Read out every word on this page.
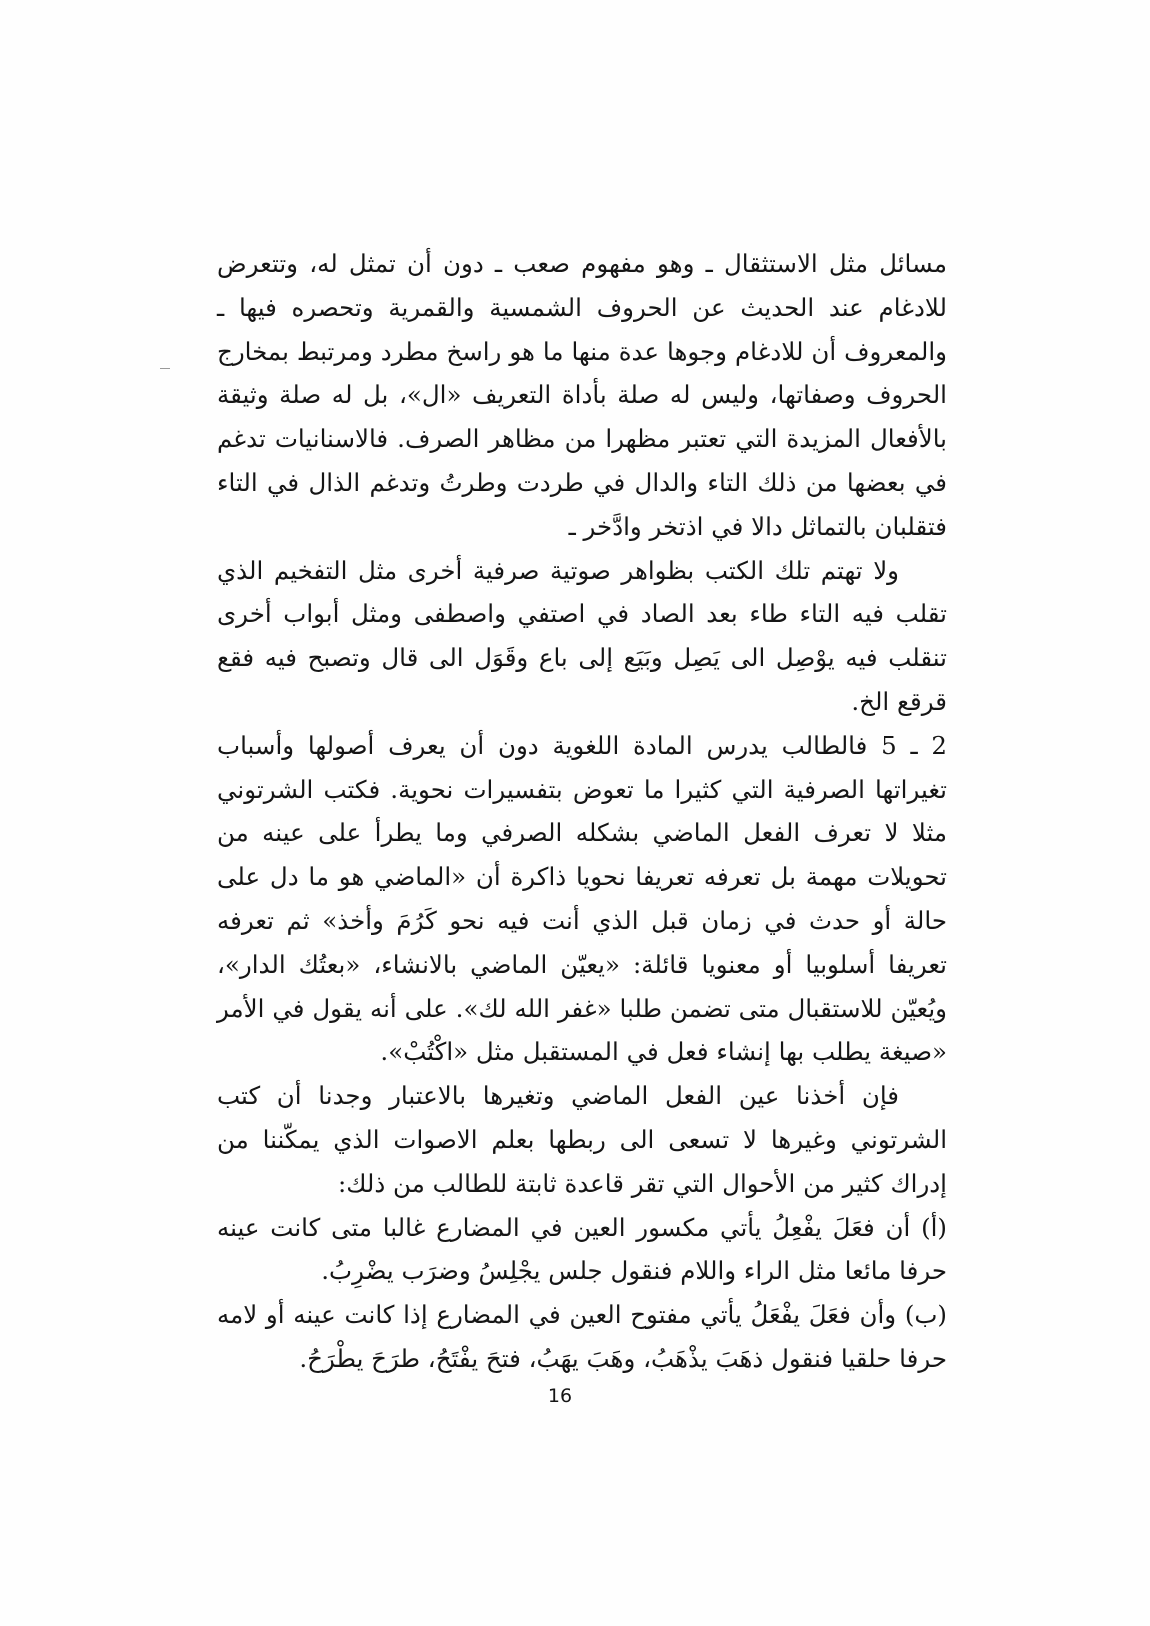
مسائل مثل الاستثقال ـ وهو مفهوم صعب ـ دون أن تمثل له، وتتعرض للادغام عند الحديث عن الحروف الشمسية والقمرية وتحصره فيها ـ والمعروف أن للادغام وجوها عدة منها ما هو راسخ مطرد ومرتبط بمخارج الحروف وصفاتها، وليس له صلة بأداة التعريف «ال»، بل له صلة وثيقة بالأفعال المزيدة التي تعتبر مظهرا من مظاهر الصرف. فالاسنانيات تدغم في بعضها من ذلك التاء والدال في طردت وطرتُ وتدغم الذال في التاء فتقلبان بالتماثل دالا في اذتخر وادَّخر ـ

ولا تهتم تلك الكتب بظواهر صوتية صرفية أخرى مثل التفخيم الذي تقلب فيه التاء طاء بعد الصاد في اصتفي واصطفى ومثل أبواب أخرى تنقلب فيه يوْصِل الى يَصِل وبَيَع إلى باع وقَوَل الى قال وتصبح فيه فقع قرقع الخ.

2 ـ 5 فالطالب يدرس المادة اللغوية دون أن يعرف أصولها وأسباب تغيراتها الصرفية التي كثيرا ما تعوض بتفسيرات نحوية. فكتب الشرتوني مثلا لا تعرف الفعل الماضي بشكله الصرفي وما يطرأ على عينه من تحويلات مهمة بل تعرفه تعريفا نحويا ذاكرة أن «الماضي هو ما دل على حالة أو حدث في زمان قبل الذي أنت فيه نحو كَرُمَ وأخذ» ثم تعرفه تعريفا أسلوبيا أو معنويا قائلة: «يعيّن الماضي بالانشاء، «بعتُك الدار»، ويُعيّن للاستقبال متى تضمن طلبا «غفر الله لك». على أنه يقول في الأمر «صيغة يطلب بها إنشاء فعل في المستقبل مثل «اكْتُبْ».

فإن أخذنا عين الفعل الماضي وتغيرها بالاعتبار وجدنا أن كتب الشرتوني وغيرها لا تسعى الى ربطها بعلم الاصوات الذي يمكّننا من إدراك كثير من الأحوال التي تقر قاعدة ثابتة للطالب من ذلك:

(أ) أن فعَلَ يفْعِلُ يأتي مكسور العين في المضارع غالبا متى كانت عينه حرفا مائعا مثل الراء واللام فنقول جلس يجْلِسُ وضرَب يضْرِبُ.

(ب) وأن فعَلَ يفْعَلُ يأتي مفتوح العين في المضارع إذا كانت عينه أو لامه حرفا حلقيا فنقول ذهَبَ يذْهَبُ، وهَبَ يهَبُ، فتحَ يفْتَحُ، طرَحَ يطْرَحُ.

16
